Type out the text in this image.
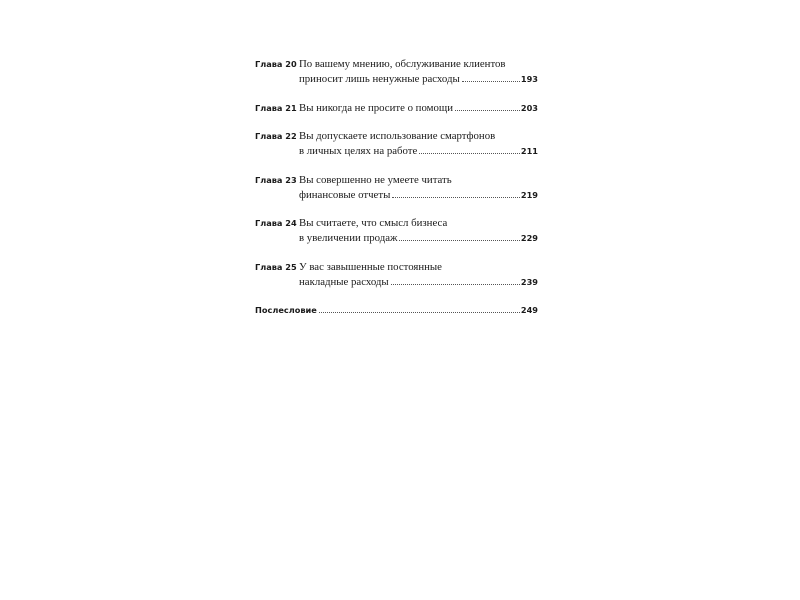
Глава 20 По вашему мнению, обслуживание клиентов
приносит лишь ненужные расходы	193
Глава 21 Вы никогда не просите о помощи	203
Глава 22 Вы допускаете использование смартфонов
в личных целях на работе	211
Глава 23 Вы совершенно не умеете читать
финансовые отчеты	219
Глава 24 Вы считаете, что смысл бизнеса
в увеличении продаж	229
Глава 25 У вас завышенные постоянные
накладные расходы	239
Послесловие	249
